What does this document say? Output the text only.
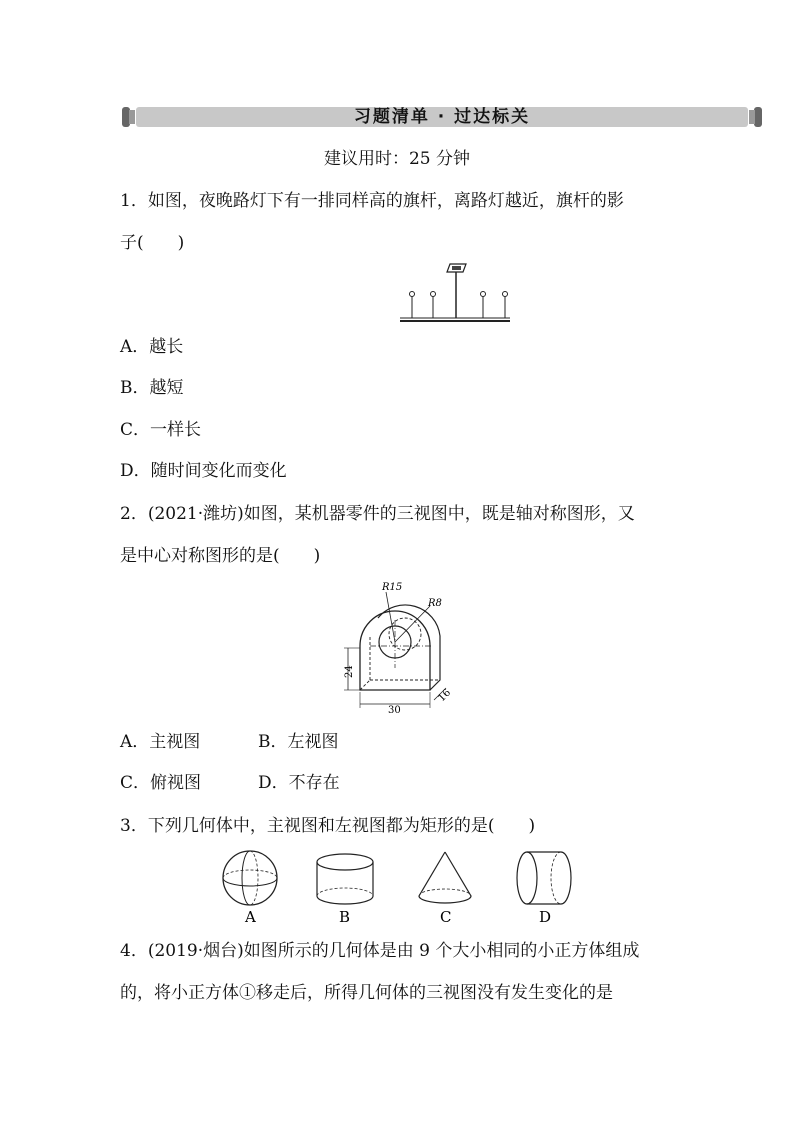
习题清单 · 过达标关
建议用时：25 分钟
1．如图，夜晚路灯下有一排同样高的旗杆，离路灯越近，旗杆的影
子(　　)
A．越长
B．越短
C．一样长
D．随时间变化而变化
2．(2021·潍坊)如图，某机器零件的三视图中，既是轴对称图形，又
是中心对称图形的是(　　)
R15
R8
24
30
16
A．主视图	B．左视图
C．俯视图	D．不存在
3．下列几何体中，主视图和左视图都为矩形的是(　　)
A	B	C	D
4．(2019·烟台)如图所示的几何体是由 9 个大小相同的小正方体组成
的，将小正方体①移走后，所得几何体的三视图没有发生变化的是
